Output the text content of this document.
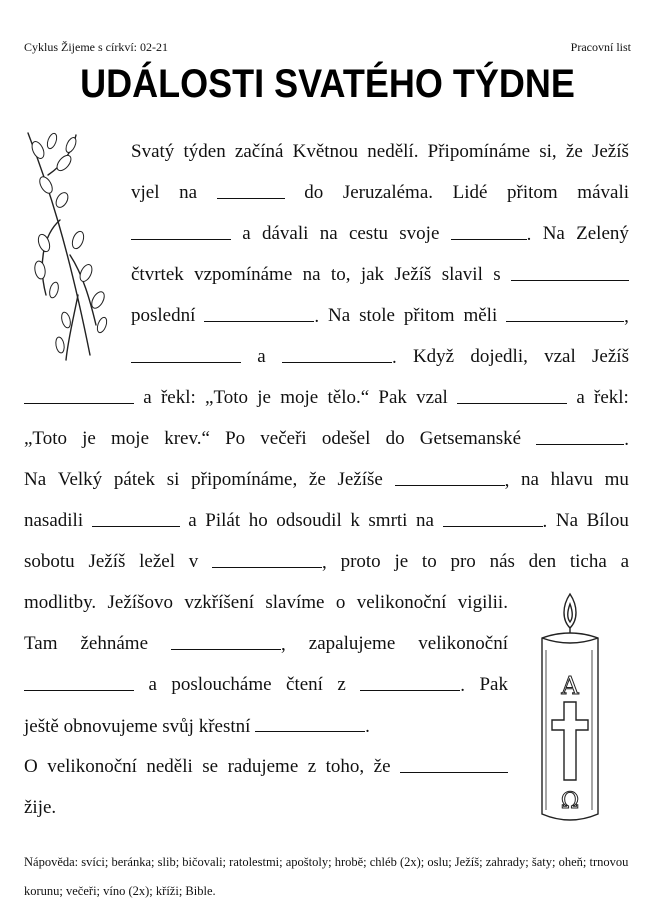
Cyklus Žijeme s církví: 02-21	Pracovní list
UDÁLOSTI SVATÉHO TÝDNE
A
Ω
Svatý týden začíná Květnou nedělí. Připomínáme si, že Ježíš
vjel na	do Jeruzaléma. Lidé přitom mávali
a dávali na cestu svoje	. Na Zelený
čtvrtek vzpomínáme na to, jak Ježíš slavil s
poslední	. Na stole přitom měli	,
a	. Když dojedli, vzal Ježíš
a řekl: „Toto je moje tělo.“ Pak vzal	a řekl:
„Toto je moje krev.“ Po večeři odešel do Getsemanské	.
Na Velký pátek si připomínáme, že Ježíše	, na hlavu mu
nasadili	a Pilát ho odsoudil k smrti na	. Na Bílou
sobotu Ježíš ležel v	, proto je to pro nás den ticha a
modlitby. Ježíšovo vzkříšení slavíme o velikonoční vigilii.
Tam žehnáme	, zapalujeme velikonoční
a posloucháme čtení z	. Pak
ještě obnovujeme svůj křestní	.
O velikonoční neděli se radujeme z toho, že
žije.
Nápověda: svíci; beránka; slib; bičovali; ratolestmi; apoštoly; hrobě; chléb (2x); oslu; Ježíš; zahrady; šaty; oheň; trnovou korunu; večeři; víno (2x); kříži; Bible.
